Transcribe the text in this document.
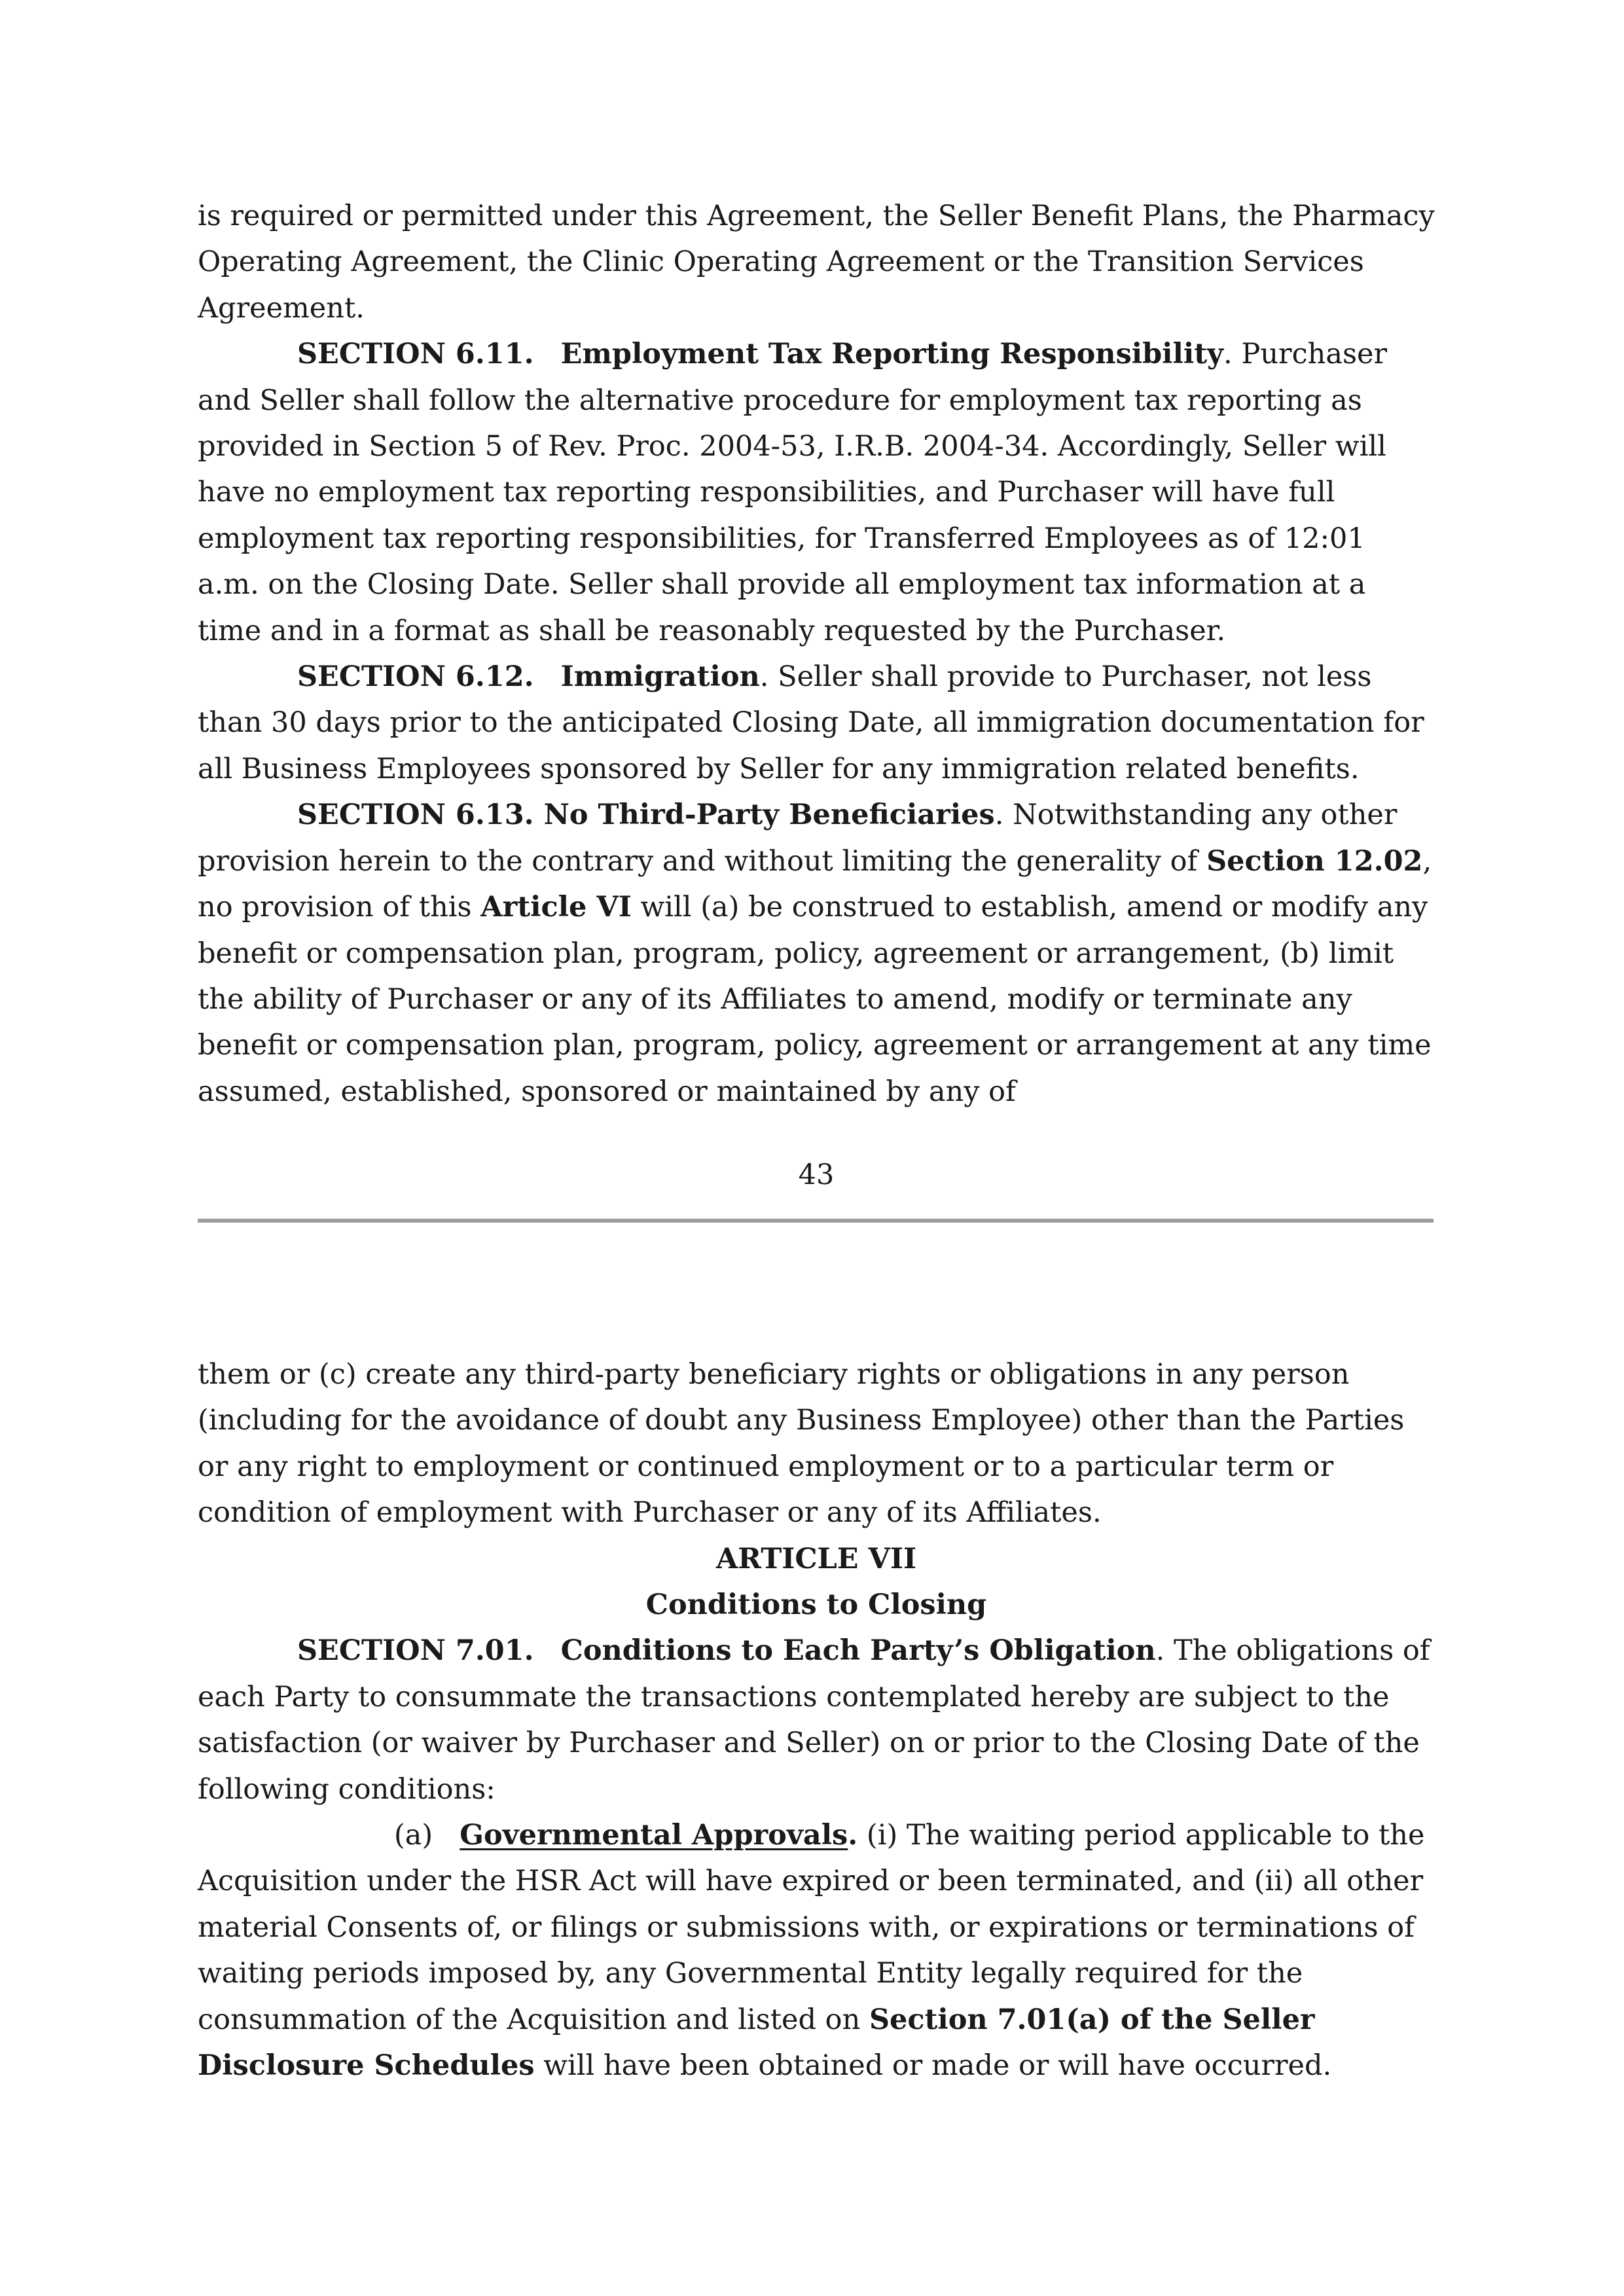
is required or permitted under this Agreement, the Seller Benefit Plans, the Pharmacy Operating Agreement, the Clinic Operating Agreement or the Transition Services Agreement.

SECTION 6.11. Employment Tax Reporting Responsibility. Purchaser and Seller shall follow the alternative procedure for employment tax reporting as provided in Section 5 of Rev. Proc. 2004-53, I.R.B. 2004-34. Accordingly, Seller will have no employment tax reporting responsibilities, and Purchaser will have full employment tax reporting responsibilities, for Transferred Employees as of 12:01 a.m. on the Closing Date. Seller shall provide all employment tax information at a time and in a format as shall be reasonably requested by the Purchaser.

SECTION 6.12. Immigration. Seller shall provide to Purchaser, not less than 30 days prior to the anticipated Closing Date, all immigration documentation for all Business Employees sponsored by Seller for any immigration related benefits.

SECTION 6.13. No Third-Party Beneficiaries. Notwithstanding any other provision herein to the contrary and without limiting the generality of Section 12.02, no provision of this Article VI will (a) be construed to establish, amend or modify any benefit or compensation plan, program, policy, agreement or arrangement, (b) limit the ability of Purchaser or any of its Affiliates to amend, modify or terminate any benefit or compensation plan, program, policy, agreement or arrangement at any time assumed, established, sponsored or maintained by any of

43

them or (c) create any third-party beneficiary rights or obligations in any person (including for the avoidance of doubt any Business Employee) other than the Parties or any right to employment or continued employment or to a particular term or condition of employment with Purchaser or any of its Affiliates.

ARTICLE VII

Conditions to Closing

SECTION 7.01. Conditions to Each Party’s Obligation. The obligations of each Party to consummate the transactions contemplated hereby are subject to the satisfaction (or waiver by Purchaser and Seller) on or prior to the Closing Date of the following conditions:

(a) Governmental Approvals. (i) The waiting period applicable to the Acquisition under the HSR Act will have expired or been terminated, and (ii) all other material Consents of, or filings or submissions with, or expirations or terminations of waiting periods imposed by, any Governmental Entity legally required for the consummation of the Acquisition and listed on Section 7.01(a) of the Seller Disclosure Schedules will have been obtained or made or will have occurred.
